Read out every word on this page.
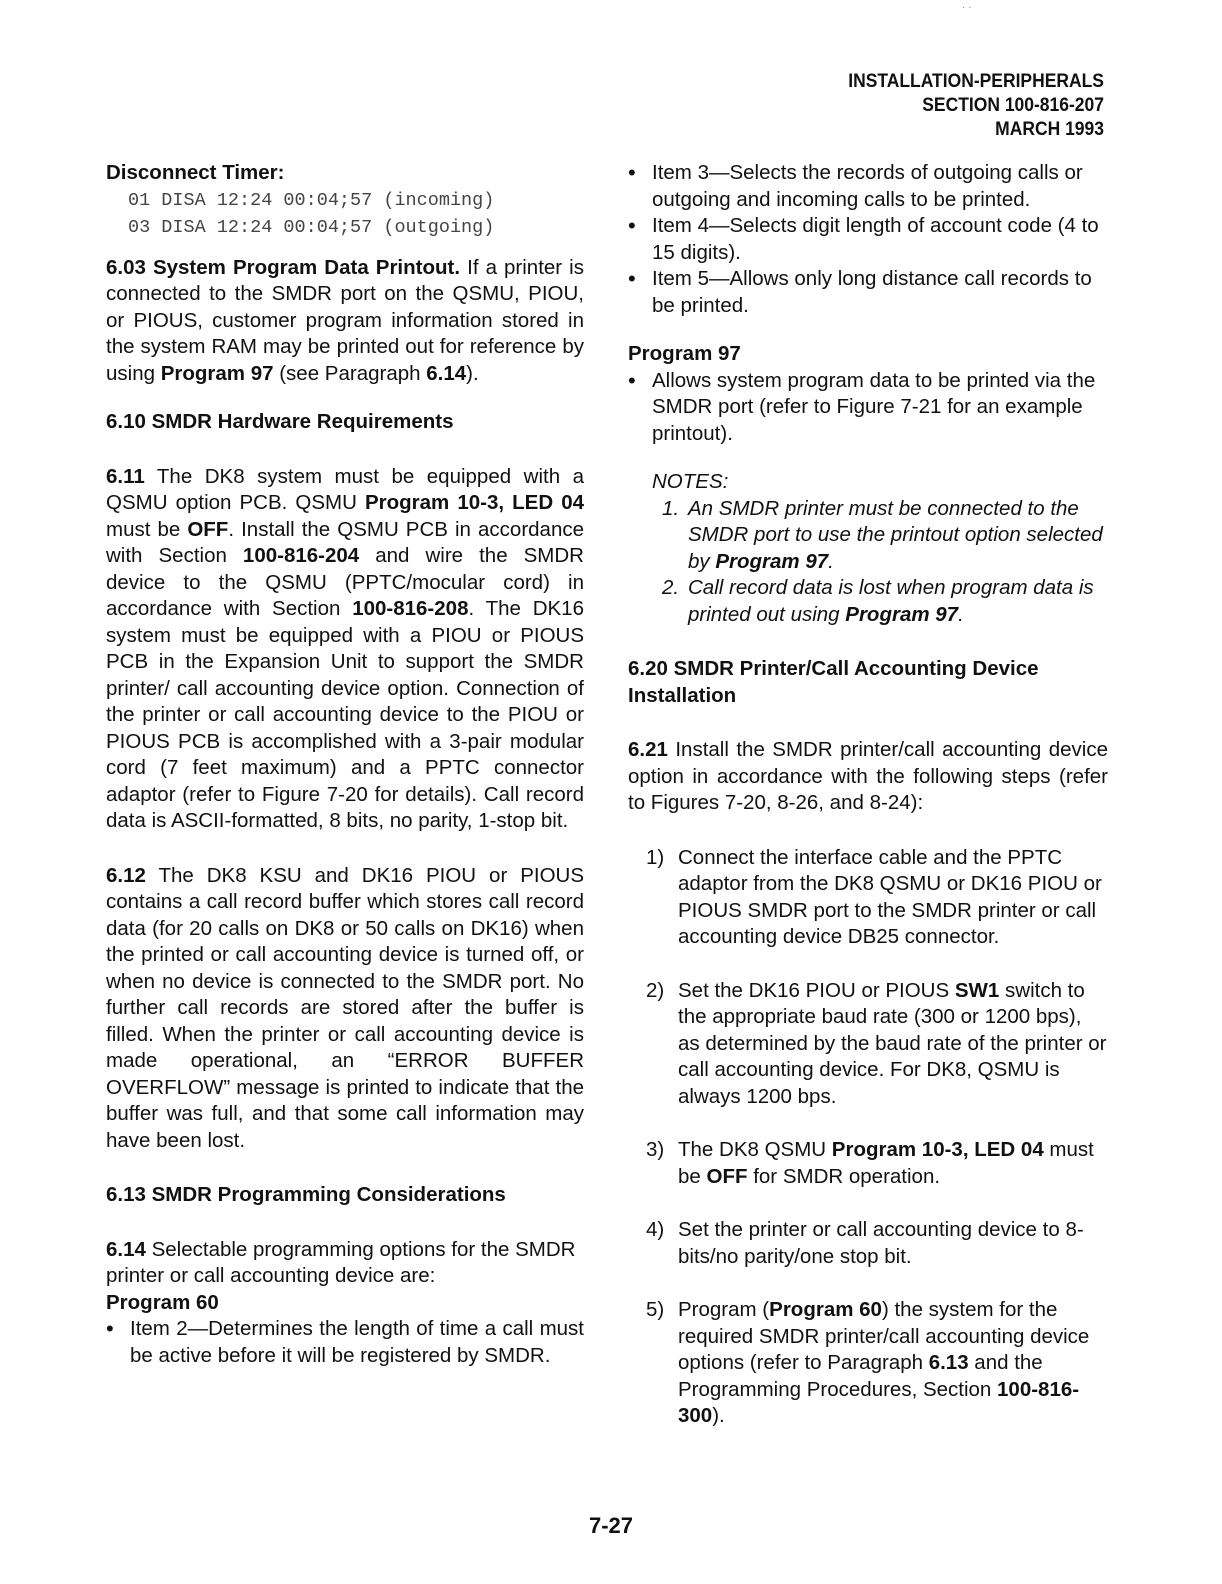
· ·
INSTALLATION-PERIPHERALS
SECTION 100-816-207
MARCH 1993

Disconnect Timer:

01 DISA 12:24 00:04;57 (incoming)
03 DISA 12:24 00:04;57 (outgoing)

6.03 System Program Data Printout. If a printer is connected to the SMDR port on the QSMU, PIOU, or PIOUS, customer program information stored in the system RAM may be printed out for reference by using Program 97 (see Paragraph 6.14).

6.10 SMDR Hardware Requirements

6.11 The DK8 system must be equipped with a QSMU option PCB. QSMU Program 10-3, LED 04 must be OFF. Install the QSMU PCB in accordance with Section 100-816-204 and wire the SMDR device to the QSMU (PPTC/mocular cord) in accordance with Section 100-816-208. The DK16 system must be equipped with a PIOU or PIOUS PCB in the Expansion Unit to support the SMDR printer/ call accounting device option. Connection of the printer or call accounting device to the PIOU or PIOUS PCB is accomplished with a 3-pair modular cord (7 feet maximum) and a PPTC connector adaptor (refer to Figure 7-20 for details). Call record data is ASCII-formatted, 8 bits, no parity, 1-stop bit.

6.12 The DK8 KSU and DK16 PIOU or PIOUS contains a call record buffer which stores call record data (for 20 calls on DK8 or 50 calls on DK16) when the printed or call accounting device is turned off, or when no device is connected to the SMDR port. No further call records are stored after the buffer is filled. When the printer or call accounting device is made operational, an “ERROR BUFFER OVERFLOW” message is printed to indicate that the buffer was full, and that some call information may have been lost.

6.13 SMDR Programming Considerations

6.14 Selectable programming options for the SMDR printer or call accounting device are:

Program 60

• Item 2—Determines the length of time a call must be active before it will be registered by SMDR.
• Item 3—Selects the records of outgoing calls or outgoing and incoming calls to be printed.
• Item 4—Selects digit length of account code (4 to 15 digits).
• Item 5—Allows only long distance call records to be printed.

Program 97

• Allows system program data to be printed via the SMDR port (refer to Figure 7-21 for an example printout).

NOTES:

1. An SMDR printer must be connected to the SMDR port to use the printout option selected by Program 97.
2. Call record data is lost when program data is printed out using Program 97.

6.20 SMDR Printer/Call Accounting Device Installation

6.21 Install the SMDR printer/call accounting device option in accordance with the following steps (refer to Figures 7-20, 8-26, and 8-24):

1) Connect the interface cable and the PPTC adaptor from the DK8 QSMU or DK16 PIOU or PIOUS SMDR port to the SMDR printer or call accounting device DB25 connector.
2) Set the DK16 PIOU or PIOUS SW1 switch to the appropriate baud rate (300 or 1200 bps), as determined by the baud rate of the printer or call accounting device. For DK8, QSMU is always 1200 bps.
3) The DK8 QSMU Program 10-3, LED 04 must be OFF for SMDR operation.
4) Set the printer or call accounting device to 8-bits/no parity/one stop bit.
5) Program (Program 60) the system for the required SMDR printer/call accounting device options (refer to Paragraph 6.13 and the Programming Procedures, Section 100-816-300).
7-27
